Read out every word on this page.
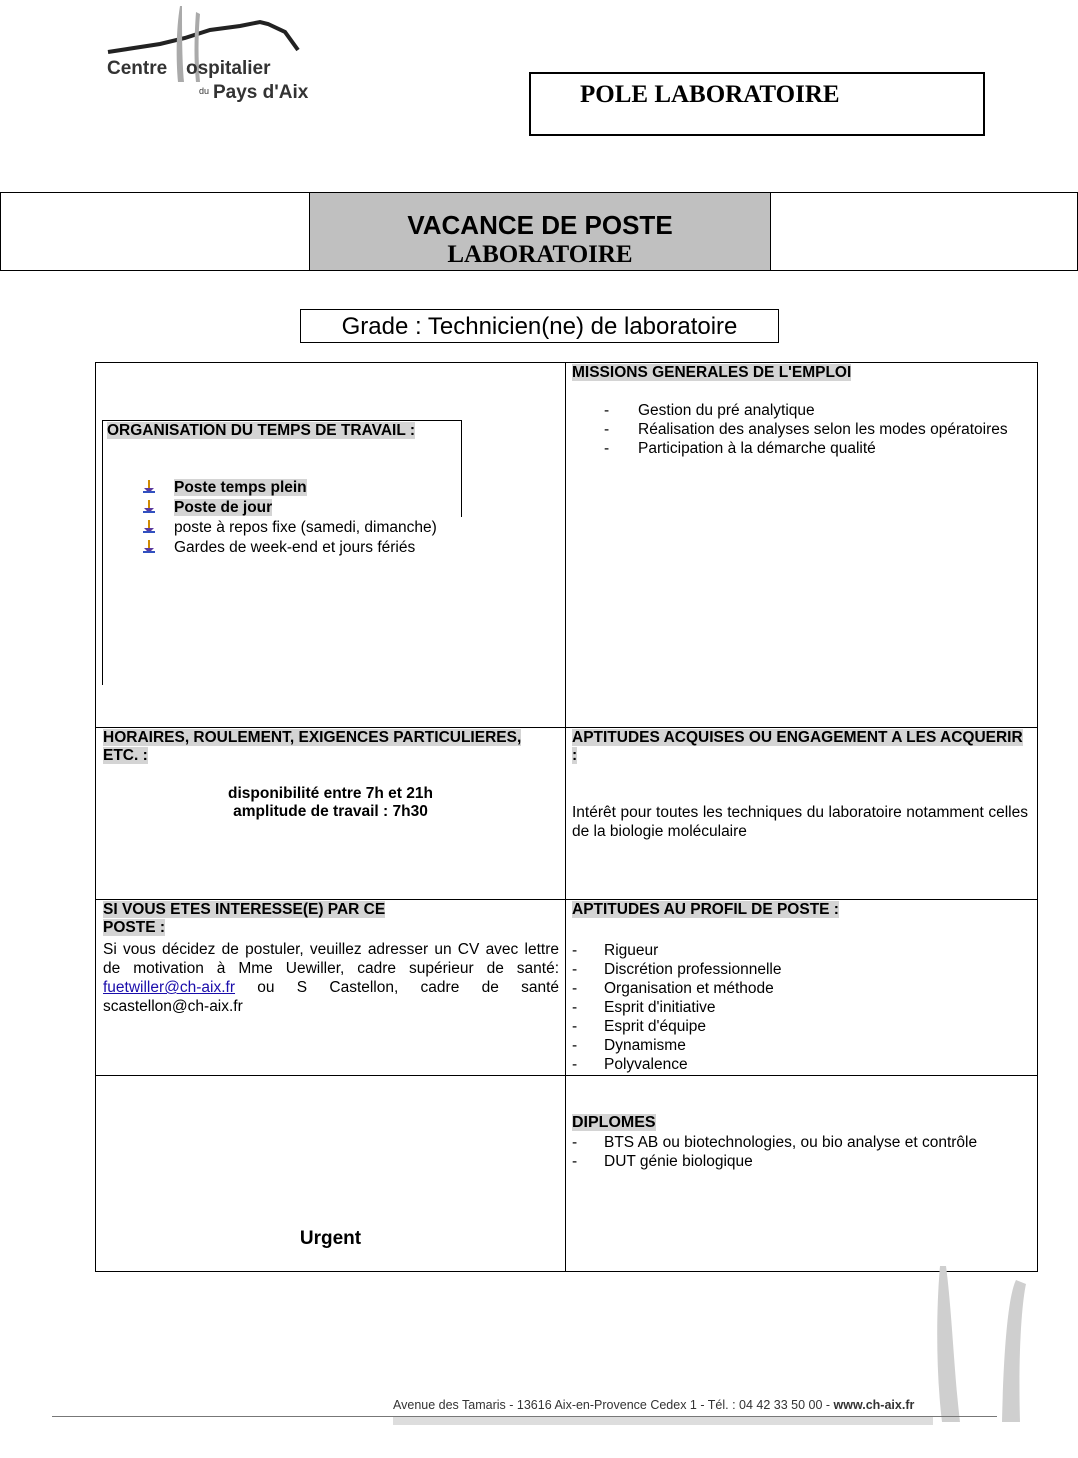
Centre ospitalier
du Pays d'Aix	POLE LABORATOIRE
VACANCE DE POSTE
LABORATOIRE
Grade : Technicien(ne) de laboratoire
ORGANISATION DU TEMPS DE TRAVAIL :
Poste temps plein
Poste de jour
poste à repos fixe (samedi, dimanche)
Gardes de week-end et jours fériés
MISSIONS GENERALES DE L'EMPLOI
- Gestion du pré analytique
- Réalisation des analyses selon les modes opératoires
- Participation à la démarche qualité
HORAIRES, ROULEMENT, EXIGENCES PARTICULIERES, ETC. :
disponibilité entre 7h et 21h
amplitude de travail : 7h30
APTITUDES ACQUISES OU ENGAGEMENT A LES ACQUERIR :
Intérêt pour toutes les techniques du laboratoire notamment celles de la biologie moléculaire
SI VOUS ETES INTERESSE(E) PAR CE
POSTE :
Si vous décidez de postuler, veuillez adresser un CV avec lettre de motivation à Mme Uewiller, cadre supérieur de santé: fuetwiller@ch-aix.fr ou S Castellon, cadre de santé scastellon@ch-aix.fr
APTITUDES AU PROFIL DE POSTE :
- Rigueur
- Discrétion professionnelle
- Organisation et méthode
- Esprit d'initiative
- Esprit d'équipe
- Dynamisme
- Polyvalence
DIPLOMES
- BTS AB ou biotechnologies, ou bio analyse et contrôle
- DUT génie biologique
Urgent
Avenue des Tamaris - 13616 Aix-en-Provence Cedex 1 - Tél. : 04 42 33 50 00 - www.ch-aix.fr
